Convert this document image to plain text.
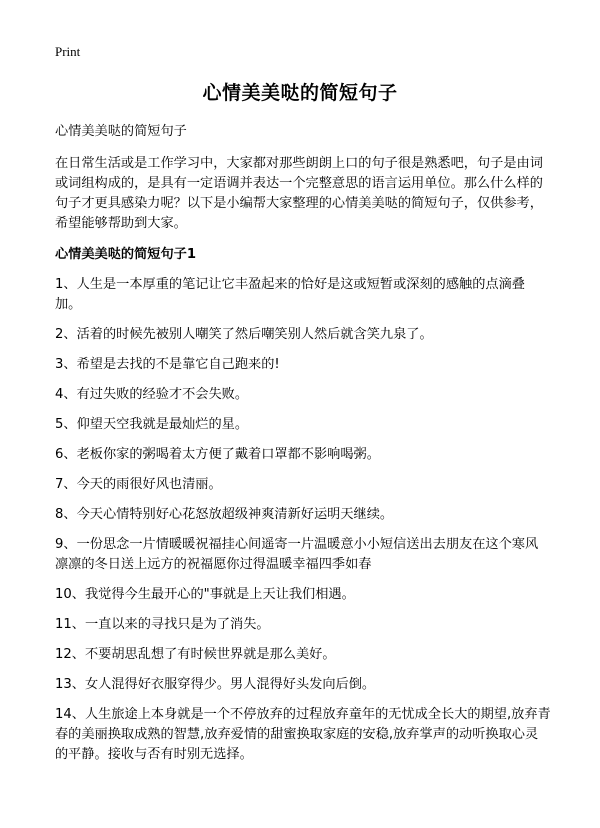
Print
心情美美哒的简短句子
心情美美哒的简短句子
在日常生活或是工作学习中，大家都对那些朗朗上口的句子很是熟悉吧，句子是由词或词组构成的，是具有一定语调并表达一个完整意思的语言运用单位。那么什么样的句子才更具感染力呢？以下是小编帮大家整理的心情美美哒的简短句子，仅供参考，希望能够帮助到大家。
心情美美哒的简短句子1
1、人生是一本厚重的笔记让它丰盈起来的恰好是这或短暂或深刻的感触的点滴叠加。
2、活着的时候先被别人嘲笑了然后嘲笑别人然后就含笑九泉了。
3、希望是去找的不是靠它自己跑来的!
4、有过失败的经验才不会失败。
5、仰望天空我就是最灿烂的星。
6、老板你家的粥喝着太方便了戴着口罩都不影响喝粥。
7、今天的雨很好风也清丽。
8、今天心情特别好心花怒放超级神爽清新好运明天继续。
9、一份思念一片情暖暖祝福挂心间遥寄一片温暖意小小短信送出去朋友在这个寒风凛凛的冬日送上远方的祝福愿你过得温暖幸福四季如春
10、我觉得今生最开心的"事就是上天让我们相遇。
11、一直以来的寻找只是为了消失。
12、不要胡思乱想了有时候世界就是那么美好。
13、女人混得好衣服穿得少。男人混得好头发向后倒。
14、人生旅途上本身就是一个不停放弃的过程放弃童年的无忧成全长大的期望,放弃青春的美丽换取成熟的智慧,放弃爱情的甜蜜换取家庭的安稳,放弃掌声的动听换取心灵的平静。接收与否有时别无选择。
